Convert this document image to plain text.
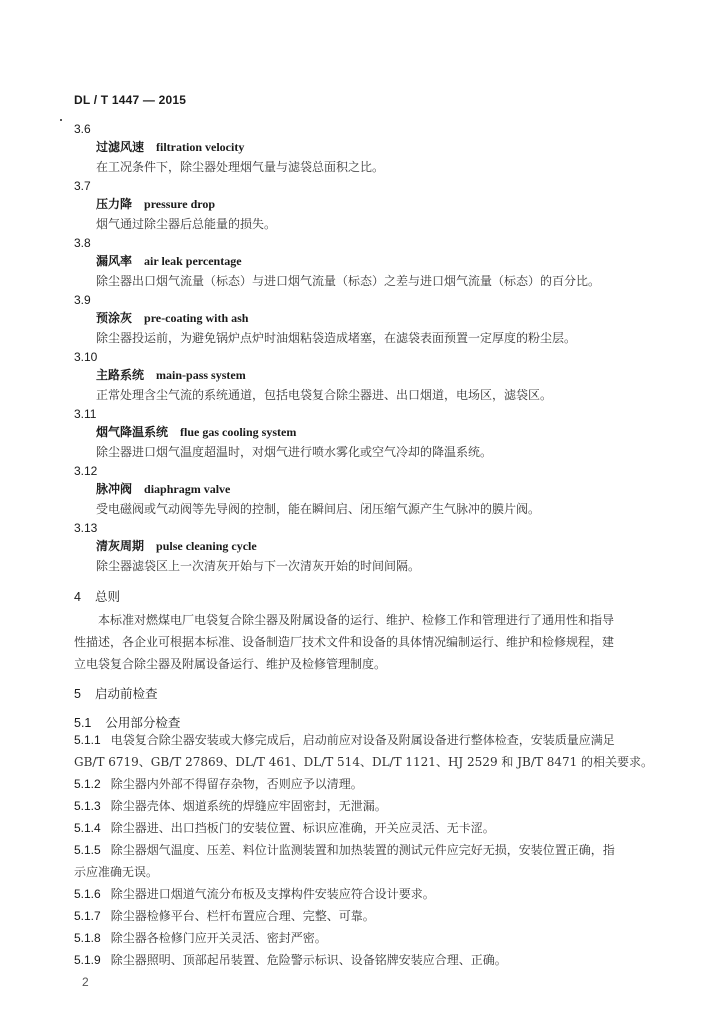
DL / T 1447 — 2015
3.6
过滤风速 filtration velocity
在工况条件下，除尘器处理烟气量与滤袋总面积之比。
3.7
压力降 pressure drop
烟气通过除尘器后总能量的损失。
3.8
漏风率 air leak percentage
除尘器出口烟气流量（标态）与进口烟气流量（标态）之差与进口烟气流量（标态）的百分比。
3.9
预涂灰 pre-coating with ash
除尘器投运前，为避免锅炉点炉时油烟粘袋造成堵塞，在滤袋表面预置一定厚度的粉尘层。
3.10
主路系统 main-pass system
正常处理含尘气流的系统通道，包括电袋复合除尘器进、出口烟道，电场区，滤袋区。
3.11
烟气降温系统 flue gas cooling system
除尘器进口烟气温度超温时，对烟气进行喷水雾化或空气冷却的降温系统。
3.12
脉冲阀 diaphragm valve
受电磁阀或气动阀等先导阀的控制，能在瞬间启、闭压缩气源产生气脉冲的膜片阀。
3.13
清灰周期 pulse cleaning cycle
除尘器滤袋区上一次清灰开始与下一次清灰开始的时间间隔。
4 总则
本标准对燃煤电厂电袋复合除尘器及附属设备的运行、维护、检修工作和管理进行了通用性和指导
性描述，各企业可根据本标准、设备制造厂技术文件和设备的具体情况编制运行、维护和检修规程，建
立电袋复合除尘器及附属设备运行、维护及检修管理制度。
5 启动前检查
5.1 公用部分检查
5.1.1 电袋复合除尘器安装或大修完成后，启动前应对设备及附属设备进行整体检查，安装质量应满足
GB/T 6719、GB/T 27869、DL/T 461、DL/T 514、DL/T 1121、HJ 2529 和 JB/T 8471 的相关要求。
5.1.2 除尘器内外部不得留存杂物，否则应予以清理。
5.1.3 除尘器壳体、烟道系统的焊缝应牢固密封，无泄漏。
5.1.4 除尘器进、出口挡板门的安装位置、标识应准确，开关应灵活、无卡涩。
5.1.5 除尘器烟气温度、压差、料位计监测装置和加热装置的测试元件应完好无损，安装位置正确，指
示应准确无误。
5.1.6 除尘器进口烟道气流分布板及支撑构件安装应符合设计要求。
5.1.7 除尘器检修平台、栏杆布置应合理、完整、可靠。
5.1.8 除尘器各检修门应开关灵活、密封严密。
5.1.9 除尘器照明、顶部起吊装置、危险警示标识、设备铭牌安装应合理、正确。
2
